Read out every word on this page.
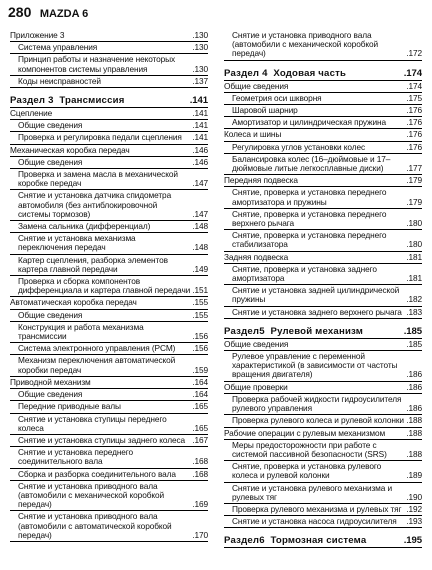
280 MAZDA 6
Приложение 3	.130
Система управления	.130
Принцип работы и назначение некоторых компонентов системы управления	.130
Коды неисправностей	.137
Раздел 3  Трансмиссия	.141
Сцепление	.141
Общие сведения	.141
Проверка и регулировка педали сцепления	.141
Механическая коробка передач	.146
Общие сведения	.146
Проверка и замена масла в механической коробке передач	.147
Снятие и установка датчика спидометра автомобиля (без антиблокировочной системы тормозов)	.147
Замена сальника (дифференциал)	.148
Снятие и установка механизма переключения передач	.148
Картер сцепления, разборка элементов картера главной передачи	.149
Проверка и сборка компонентов дифференциала и картера главной передачи .151
Автоматическая коробка передач	.155
Общие сведения	.155
Конструкция и работа механизма трансмиссии	.156
Система электронного управления (PCM)	.156
Механизм переключения автоматической коробки передач	.159
Приводной механизм	.164
Общие сведения	.164
Передние приводные валы	.165
Снятие и установка ступицы переднего колеса	.165
Снятие и установка ступицы заднего колеса .167
Снятие и установка переднего соединительного вала	.168
Сборка и разборка соединительного вала	.168
Снятие и установка приводного вала (автомобили с механической коробкой передач)	.169
Снятие и установка приводного вала (автомобили с автоматической коробкой передач)	.170
Снятие и установка приводного вала (автомобили с механической коробкой передач)	.172
Раздел 4  Ходовая часть	.174
Общие сведения	.174
Геометрия оси шкворня	.175
Шаровой шарнир	.176
Амортизатор и цилиндрическая пружина	.176
Колеса и шины	.176
Регулировка углов установки колес	.176
Балансировка колес (16–дюймовые и 17–дюймовые литые легкосплавные диски)	.177
Передняя подвеска	.179
Снятие, проверка и установка переднего амортизатора и пружины	.179
Снятие, проверка и установка переднего верхнего рычага	.180
Снятие, проверка и установка переднего стабилизатора	.180
Задняя подвеска	.181
Снятие, проверка и установка заднего амортизатора	.181
Снятие и установка задней цилиндрической пружины	.182
Снятие и установка заднего верхнего рычага .183
Раздел5  Рулевой механизм	.185
Общие сведения	.185
Рулевое управление с переменной характеристикой (в зависимости от частоты вращения двигателя)	.186
Общие проверки	.186
Проверка рабочей жидкости гидроусилителя рулевого управления	.186
Проверка рулевого колеса и рулевой колонки .188
Рабочие операции с рулевым механизмом	.188
Меры предосторожности при работе с системой пассивной безопасности (SRS)	.188
Снятие, проверка и установка рулевого колеса и рулевой колонки	.189
Снятие и установка рулевого механизма и рулевых тяг	.190
Проверка рулевого механизма и рулевых тяг .192
Снятие и установка насоса гидроусилителя	.193
Раздел6  Тормозная система	.195
